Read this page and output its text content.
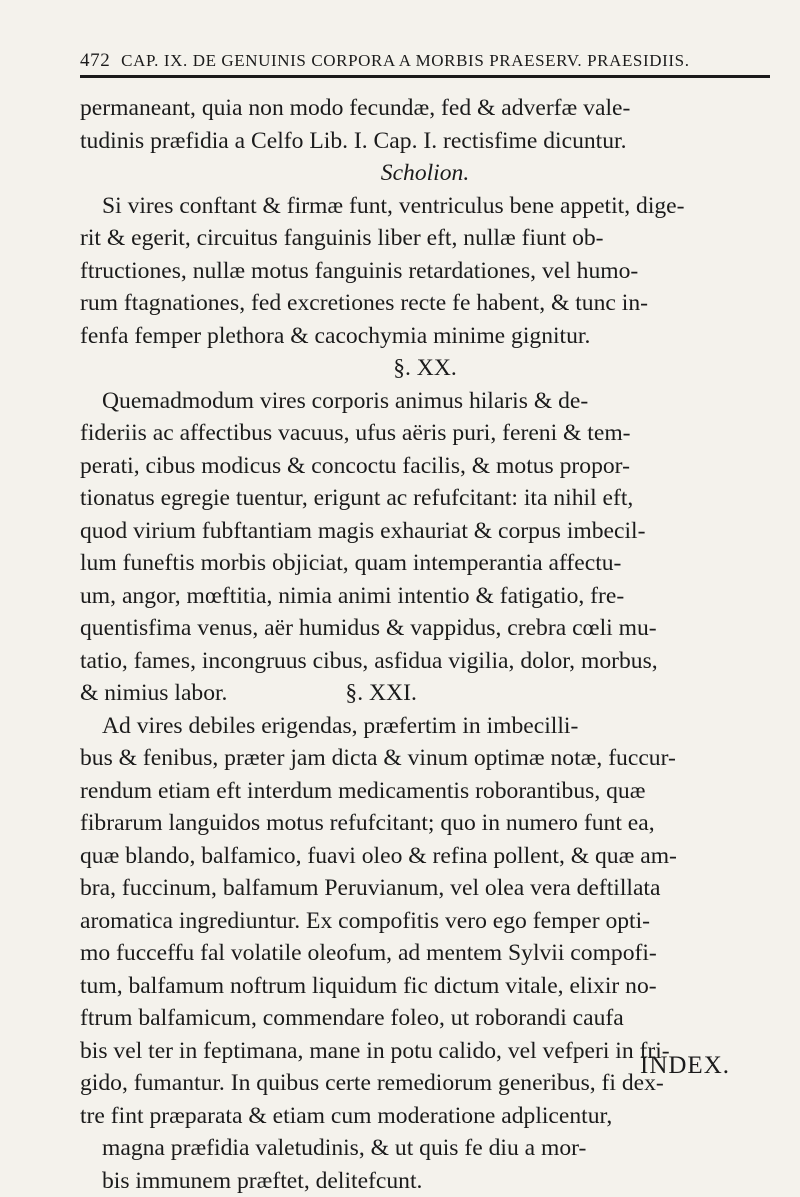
472 CAP. IX. DE GENUINIS CORPORA A MORBIS PRAESERV. PRAESIDIIS.
permaneant, quia non modo fecundæ, fed & adverfæ vale-
tudinis præfidia a Celfo Lib. I. Cap. I. rectisfime dicuntur.
Scholion.
Si vires conftant & firmæ funt, ventriculus bene appetit, dige-
rit & egerit, circuitus fanguinis liber eft, nullæ fiunt ob-
ftructiones, nullæ motus fanguinis retardationes, vel humo-
rum ftagnationes, fed excretiones recte fe habent, & tunc in-
fenfa femper plethora & cacochymia minime gignitur.
§. XX.
Quemadmodum vires corporis animus hilaris & de-
fideriis ac affectibus vacuus, ufus aëris puri, fereni & tem-
perati, cibus modicus & concoctu facilis, & motus propor-
tionatus egregie tuentur, erigunt ac refufcitant: ita nihil eft,
quod virium fubftantiam magis exhauriat & corpus imbecil-
lum funeftis morbis objiciat, quam intemperantia affectu-
um, angor, mœftitia, nimia animi intentio & fatigatio, fre-
quentisfima venus, aër humidus & vappidus, crebra cœli mu-
tatio, fames, incongruus cibus, asfidua vigilia, dolor, morbus,
& nimius labor.                    §. XXI.
Ad vires debiles erigendas, præfertim in imbecilli-
bus & fenibus, præter jam dicta & vinum optimæ notæ, fuccur-
rendum etiam eft interdum medicamentis roborantibus, quæ
fibrarum languidos motus refufcitant; quo in numero funt ea,
quæ blando, balfamico, fuavi oleo & refina pollent, & quæ am-
bra, fuccinum, balfamum Peruvianum, vel olea vera deftillata
aromatica ingrediuntur. Ex compofitis vero ego femper opti-
mo fucceffu fal volatile oleofum, ad mentem Sylvii compofi-
tum, balfamum noftrum liquidum fic dictum vitale, elixir no-
ftrum balfamicum, commendare foleo, ut roborandi caufa
bis vel ter in feptimana, mane in potu calido, vel vefperi in fri-
gido, fumantur. In quibus certe remediorum generibus, fi dex-
tre fint præparata & etiam cum moderatione adplicentur,
magna præfidia valetudinis, & ut quis fe diu a mor-
bis immunem præftet, delitefcunt.
INDEX.
